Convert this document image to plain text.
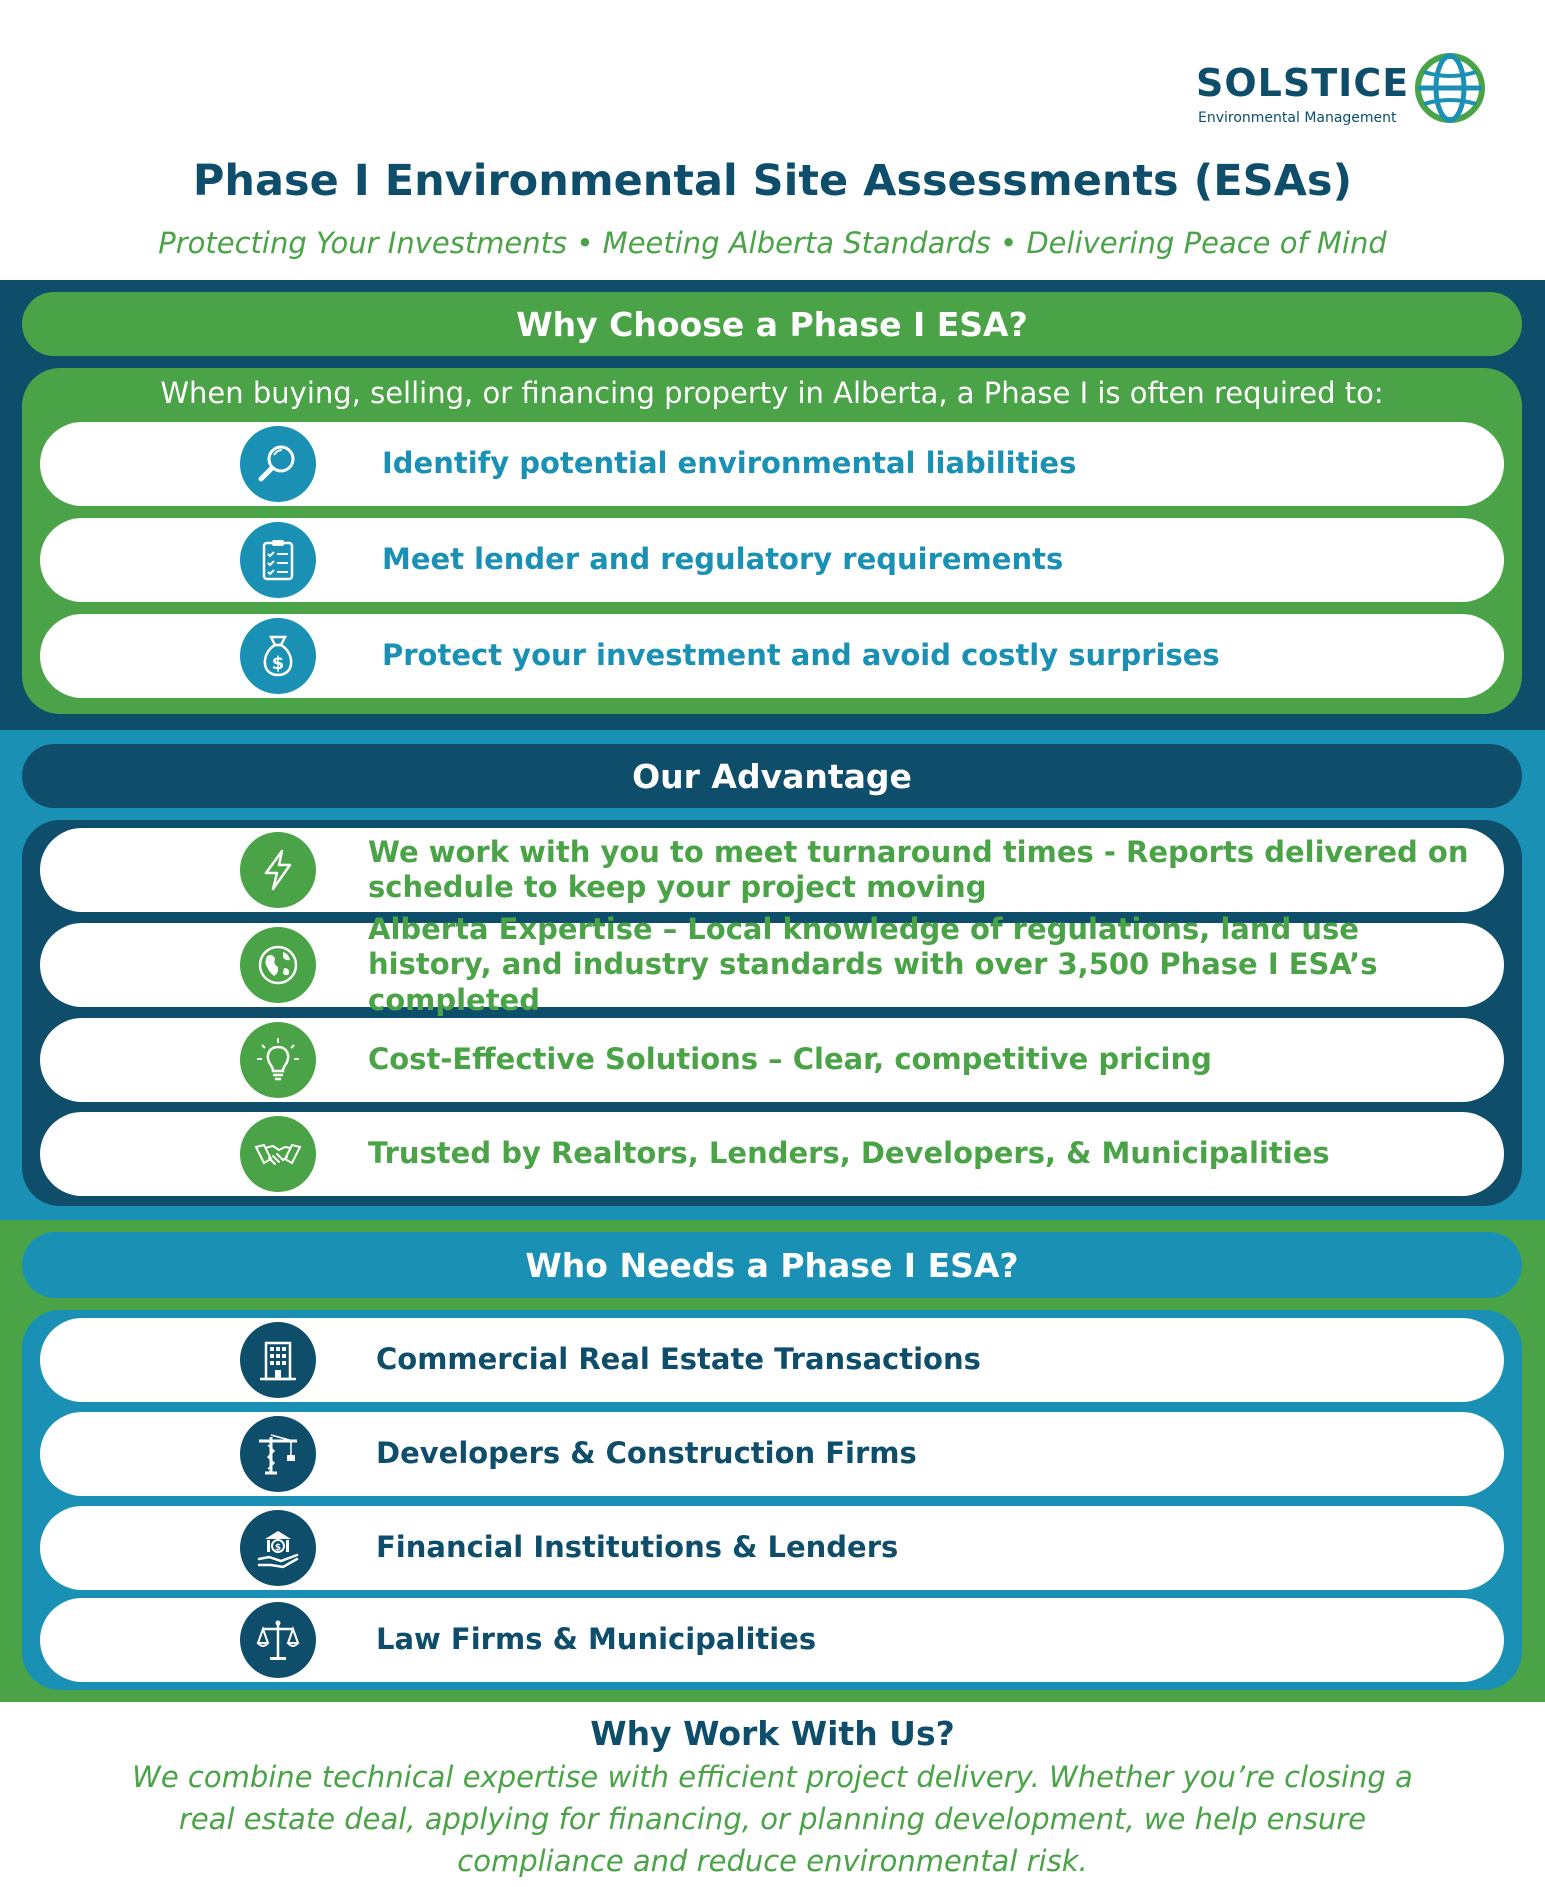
SOLSTICE
Environmental Management
Phase I Environmental Site Assessments (ESAs)

Protecting Your Investments • Meeting Alberta Standards • Delivering Peace of Mind

Why Choose a Phase I ESA?

When buying, selling, or financing property in Alberta, a Phase I is often required to:

Identify potential environmental liabilities
Meet lender and regulatory requirements
$	Protect your investment and avoid costly surprises
Our Advantage
We work with you to meet turnaround times - Reports delivered on schedule to keep your project moving
Alberta Expertise – Local knowledge of regulations, land use history, and industry standards with over 3,500 Phase I ESA’s completed
Cost-Effective Solutions – Clear, competitive pricing
Trusted by Realtors, Lenders, Developers, & Municipalities
Who Needs a Phase I ESA?
Commercial Real Estate Transactions
Developers & Construction Firms
$	Financial Institutions & Lenders
Law Firms & Municipalities
Why Work With Us?

We combine technical expertise with efficient project delivery. Whether you’re closing a real estate deal, applying for financing, or planning development, we help ensure compliance and reduce environmental risk.
